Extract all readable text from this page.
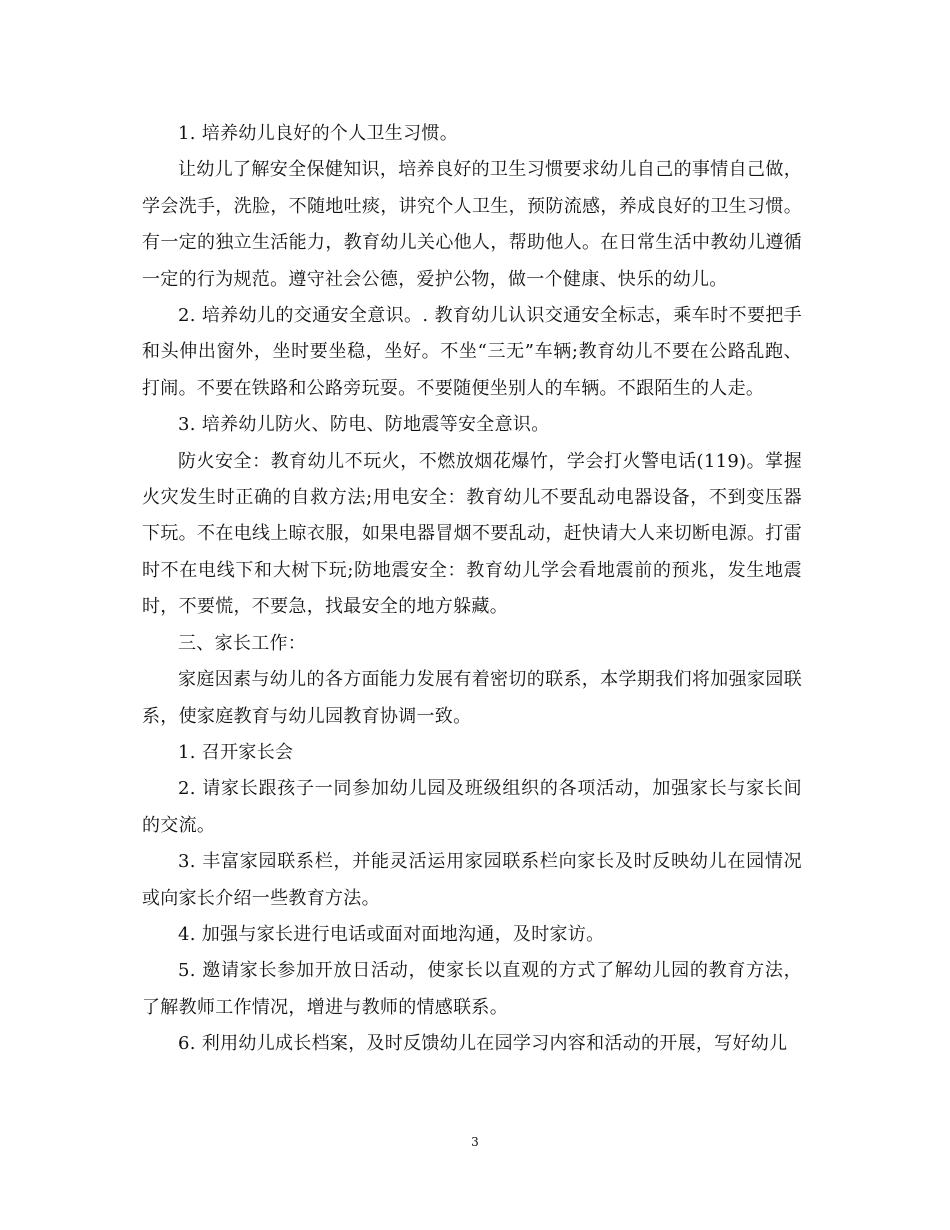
1. 培养幼儿良好的个人卫生习惯。

让幼儿了解安全保健知识，培养良好的卫生习惯要求幼儿自己的事情自己做，学会洗手，洗脸，不随地吐痰，讲究个人卫生，预防流感，养成良好的卫生习惯。有一定的独立生活能力，教育幼儿关心他人，帮助他人。在日常生活中教幼儿遵循一定的行为规范。遵守社会公德，爱护公物，做一个健康、快乐的幼儿。

2. 培养幼儿的交通安全意识。. 教育幼儿认识交通安全标志，乘车时不要把手和头伸出窗外，坐时要坐稳，坐好。不坐“三无”车辆;教育幼儿不要在公路乱跑、打闹。不要在铁路和公路旁玩耍。不要随便坐别人的车辆。不跟陌生的人走。

3. 培养幼儿防火、防电、防地震等安全意识。

防火安全：教育幼儿不玩火，不燃放烟花爆竹，学会打火警电话(119)。掌握火灾发生时正确的自救方法;用电安全：教育幼儿不要乱动电器设备，不到变压器下玩。不在电线上晾衣服，如果电器冒烟不要乱动，赶快请大人来切断电源。打雷时不在电线下和大树下玩;防地震安全：教育幼儿学会看地震前的预兆，发生地震时，不要慌，不要急，找最安全的地方躲藏。

三、家长工作：

家庭因素与幼儿的各方面能力发展有着密切的联系，本学期我们将加强家园联系，使家庭教育与幼儿园教育协调一致。

1. 召开家长会

2. 请家长跟孩子一同参加幼儿园及班级组织的各项活动，加强家长与家长间的交流。

3. 丰富家园联系栏，并能灵活运用家园联系栏向家长及时反映幼儿在园情况或向家长介绍一些教育方法。

4. 加强与家长进行电话或面对面地沟通，及时家访。

5. 邀请家长参加开放日活动，使家长以直观的方式了解幼儿园的教育方法，了解教师工作情况，增进与教师的情感联系。

6. 利用幼儿成长档案，及时反馈幼儿在园学习内容和活动的开展，写好幼儿

3
